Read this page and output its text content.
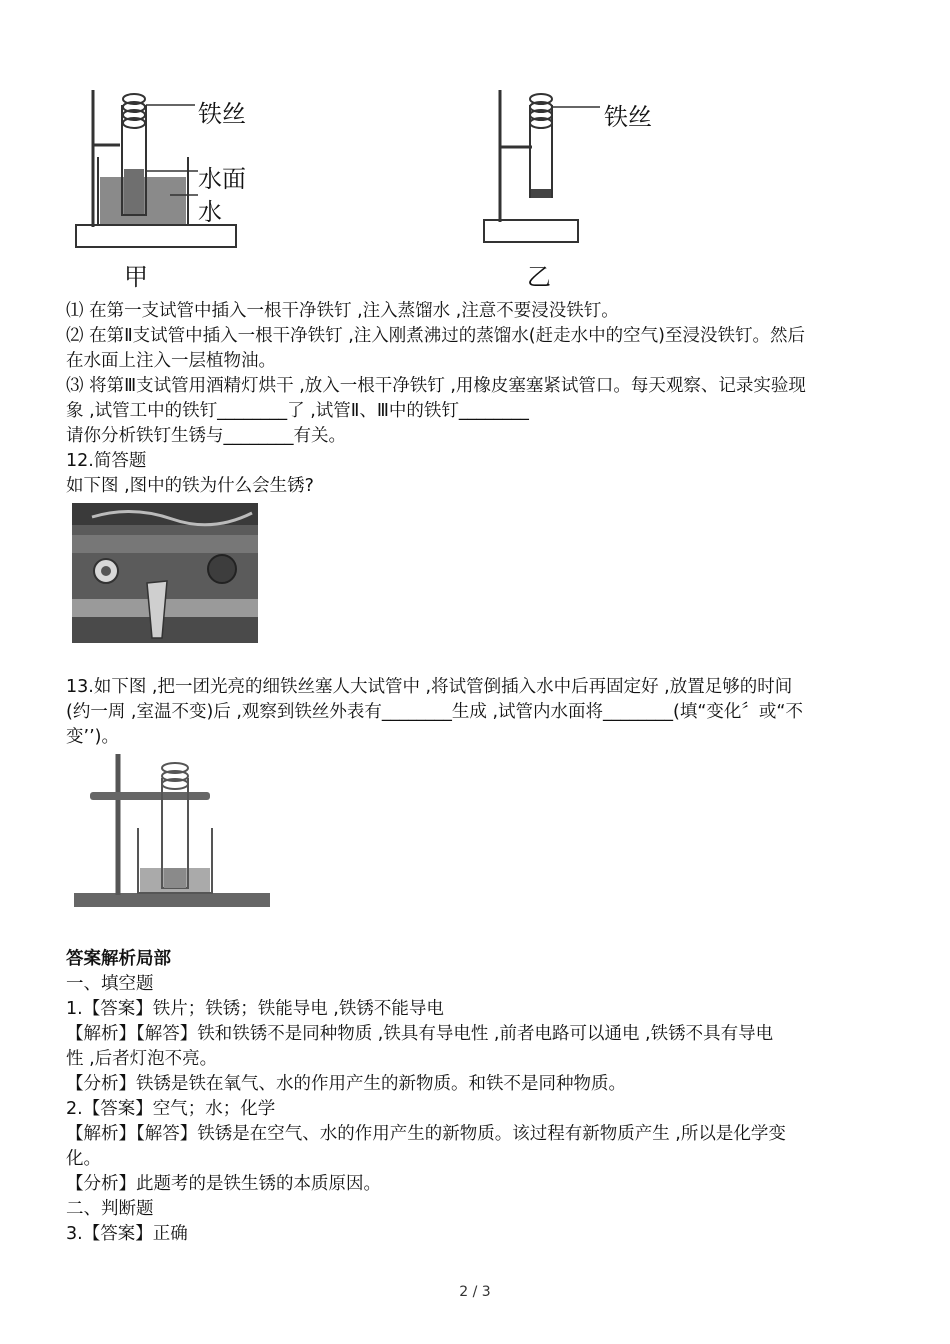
铁丝
水面
水
甲
铁丝
乙
⑴ 在第一支试管中插入一根干净铁钉 ,注入蒸馏水 ,注意不要浸没铁钉。
⑵ 在第Ⅱ支试管中插入一根干净铁钉 ,注入刚煮沸过的蒸馏水(赶走水中的空气)至浸没铁钉。然后
在水面上注入一层植物油。
⑶ 将第Ⅲ支试管用酒精灯烘干 ,放入一根干净铁钉 ,用橡皮塞塞紧试管口。每天观察、记录实验现
象 ,试管工中的铁钉________了 ,试管Ⅱ、Ⅲ中的铁钉________
请你分析铁钉生锈与________有关。
12.简答题
如下图 ,图中的铁为什么会生锈?
13.如下图 ,把一团光亮的细铁丝塞人大试管中 ,将试管倒插入水中后再固定好 ,放置足够的时间
(约一周 ,室温不变)后 ,观察到铁丝外表有________生成 ,试管内水面将________(填“变化〞或“不
变’’)。
答案解析局部
一、填空题
1.【答案】铁片；铁锈；铁能导电 ,铁锈不能导电
【解析】【解答】铁和铁锈不是同种物质 ,铁具有导电性 ,前者电路可以通电 ,铁锈不具有导电
性 ,后者灯泡不亮。
【分析】铁锈是铁在氧气、水的作用产生的新物质。和铁不是同种物质。
2.【答案】空气；水；化学
【解析】【解答】铁锈是在空气、水的作用产生的新物质。该过程有新物质产生 ,所以是化学变
化。
【分析】此题考的是铁生锈的本质原因。
二、判断题
3.【答案】正确
2 / 3
